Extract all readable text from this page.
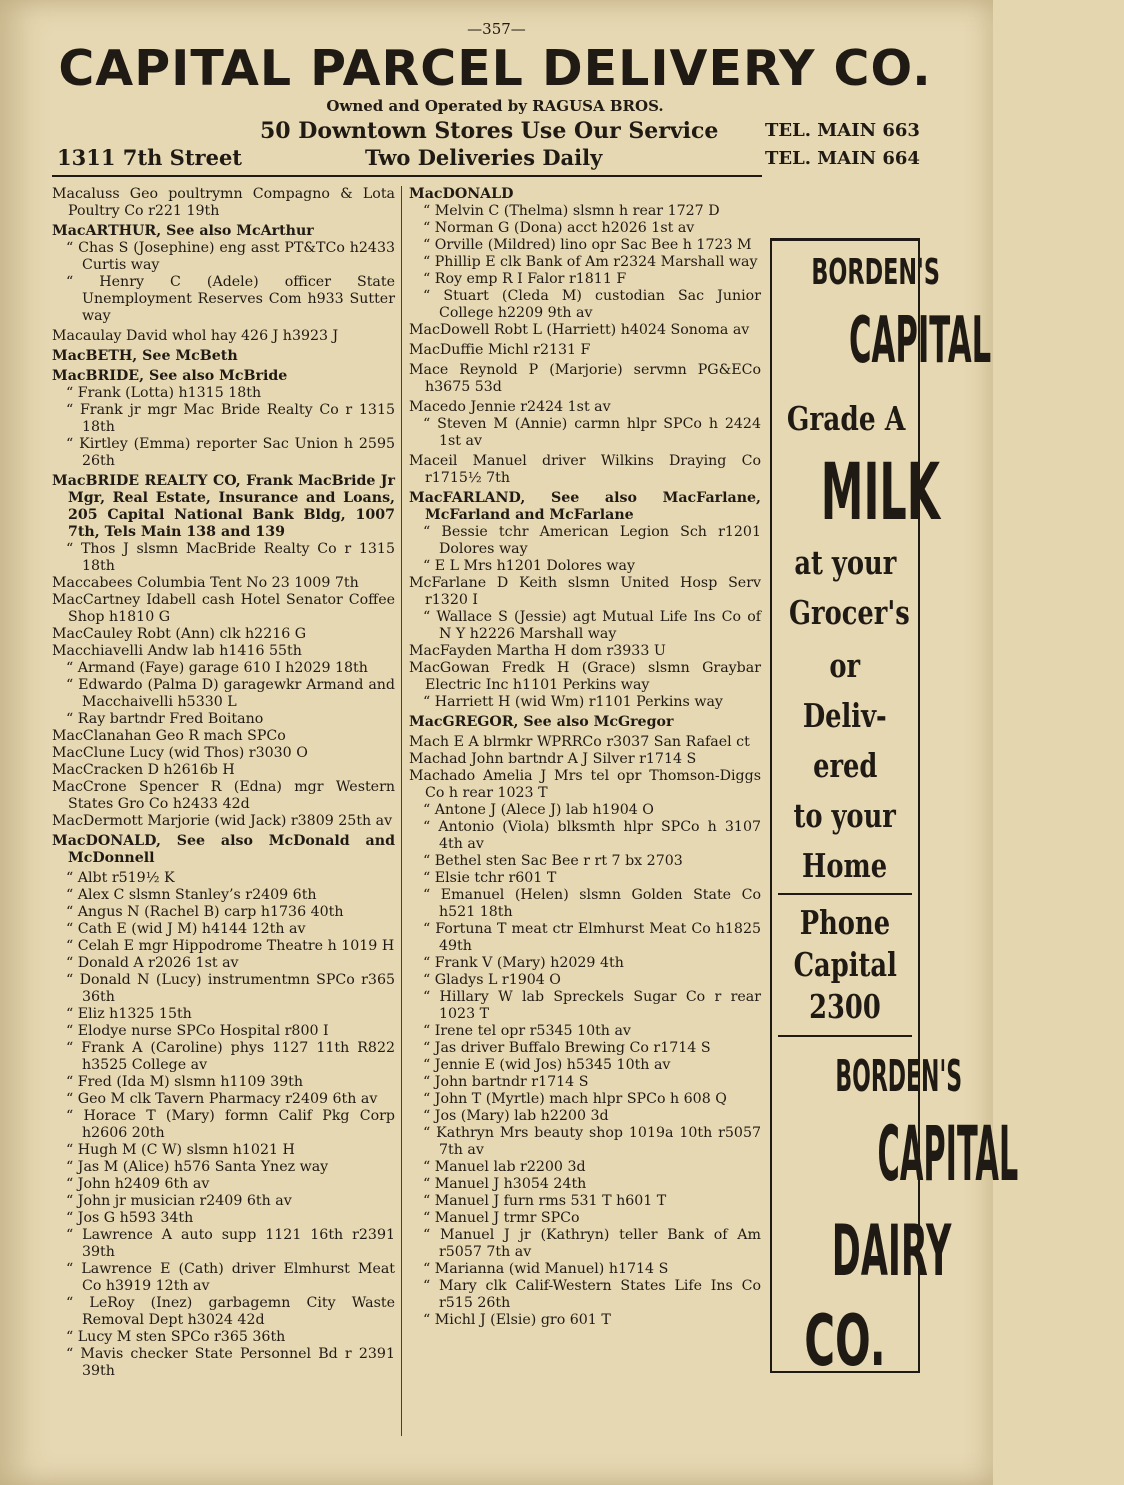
—357—
CAPITAL PARCEL DELIVERY CO.
Owned and Operated by RAGUSA BROS.
50 Downtown Stores Use Our Service	TEL. MAIN 663
1311 7th Street	Two Deliveries Daily	TEL. MAIN 664
Macaluss Geo poultrymn Compagno & Lota Poultry Co r221 19th
MacARTHUR, See also McArthur
“ Chas S (Josephine) eng asst PT&TCo h2433 Curtis way
“ Henry C (Adele) officer State Unemployment Reserves Com h933 Sutter way
Macaulay David whol hay 426 J h3923 J
MacBETH, See McBeth
MacBRIDE, See also McBride
“ Frank (Lotta) h1315 18th
“ Frank jr mgr Mac Bride Realty Co r 1315 18th
“ Kirtley (Emma) reporter Sac Union h 2595 26th
MacBRIDE REALTY CO, Frank MacBride Jr Mgr, Real Estate, Insurance and Loans, 205 Capital National Bank Bldg, 1007 7th, Tels Main 138 and 139
“ Thos J slsmn MacBride Realty Co r 1315 18th
Maccabees Columbia Tent No 23 1009 7th
MacCartney Idabell cash Hotel Senator Coffee Shop h1810 G
MacCauley Robt (Ann) clk h2216 G
Macchiavelli Andw lab h1416 55th
“ Armand (Faye) garage 610 I h2029 18th
“ Edwardo (Palma D) garagewkr Armand and Macchaivelli h5330 L
“ Ray bartndr Fred Boitano
MacClanahan Geo R mach SPCo
MacClune Lucy (wid Thos) r3030 O
MacCracken D h2616b H
MacCrone Spencer R (Edna) mgr Western States Gro Co h2433 42d
MacDermott Marjorie (wid Jack) r3809 25th av
MacDONALD, See also McDonald and McDonnell
“ Albt r519½ K
“ Alex C slsmn Stanley’s r2409 6th
“ Angus N (Rachel B) carp h1736 40th
“ Cath E (wid J M) h4144 12th av
“ Celah E mgr Hippodrome Theatre h 1019 H
“ Donald A r2026 1st av
“ Donald N (Lucy) instrumentmn SPCo r365 36th
“ Eliz h1325 15th
“ Elodye nurse SPCo Hospital r800 I
“ Frank A (Caroline) phys 1127 11th R822 h3525 College av
“ Fred (Ida M) slsmn h1109 39th
“ Geo M clk Tavern Pharmacy r2409 6th av
“ Horace T (Mary) formn Calif Pkg Corp h2606 20th
“ Hugh M (C W) slsmn h1021 H
“ Jas M (Alice) h576 Santa Ynez way
“ John h2409 6th av
“ John jr musician r2409 6th av
“ Jos G h593 34th
“ Lawrence A auto supp 1121 16th r2391 39th
“ Lawrence E (Cath) driver Elmhurst Meat Co h3919 12th av
“ LeRoy (Inez) garbagemn City Waste Removal Dept h3024 42d
“ Lucy M sten SPCo r365 36th
“ Mavis checker State Personnel Bd r 2391 39th
MacDONALD
“ Melvin C (Thelma) slsmn h rear 1727 D
“ Norman G (Dona) acct h2026 1st av
“ Orville (Mildred) lino opr Sac Bee h 1723 M
“ Phillip E clk Bank of Am r2324 Marshall way
“ Roy emp R I Falor r1811 F
“ Stuart (Cleda M) custodian Sac Junior College h2209 9th av
MacDowell Robt L (Harriett) h4024 Sonoma av
MacDuffie Michl r2131 F
Mace Reynold P (Marjorie) servmn PG&ECo h3675 53d
Macedo Jennie r2424 1st av
“ Steven M (Annie) carmn hlpr SPCo h 2424 1st av
Maceil Manuel driver Wilkins Draying Co r1715½ 7th
MacFARLAND, See also MacFarlane, McFarland and McFarlane
“ Bessie tchr American Legion Sch r1201 Dolores way
“ E L Mrs h1201 Dolores way
McFarlane D Keith slsmn United Hosp Serv r1320 I
“ Wallace S (Jessie) agt Mutual Life Ins Co of N Y h2226 Marshall way
MacFayden Martha H dom r3933 U
MacGowan Fredk H (Grace) slsmn Graybar Electric Inc h1101 Perkins way
“ Harriett H (wid Wm) r1101 Perkins way
MacGREGOR, See also McGregor
Mach E A blrmkr WPRRCo r3037 San Rafael ct
Machad John bartndr A J Silver r1714 S
Machado Amelia J Mrs tel opr Thomson-Diggs Co h rear 1023 T
“ Antone J (Alece J) lab h1904 O
“ Antonio (Viola) blksmth hlpr SPCo h 3107 4th av
“ Bethel sten Sac Bee r rt 7 bx 2703
“ Elsie tchr r601 T
“ Emanuel (Helen) slsmn Golden State Co h521 18th
“ Fortuna T meat ctr Elmhurst Meat Co h1825 49th
“ Frank V (Mary) h2029 4th
“ Gladys L r1904 O
“ Hillary W lab Spreckels Sugar Co r rear 1023 T
“ Irene tel opr r5345 10th av
“ Jas driver Buffalo Brewing Co r1714 S
“ Jennie E (wid Jos) h5345 10th av
“ John bartndr r1714 S
“ John T (Myrtle) mach hlpr SPCo h 608 Q
“ Jos (Mary) lab h2200 3d
“ Kathryn Mrs beauty shop 1019a 10th r5057 7th av
“ Manuel lab r2200 3d
“ Manuel J h3054 24th
“ Manuel J furn rms 531 T h601 T
“ Manuel J trmr SPCo
“ Manuel J jr (Kathryn) teller Bank of Am r5057 7th av
“ Marianna (wid Manuel) h1714 S
“ Mary clk Calif-Western States Life Ins Co r515 26th
“ Michl J (Elsie) gro 601 T
BORDEN'S
CAPITAL
Grade A
MILK
at your
Grocer's
or
Deliv-
ered
to your
Home
Phone
Capital
2300
BORDEN'S
CAPITAL
DAIRY
CO.
